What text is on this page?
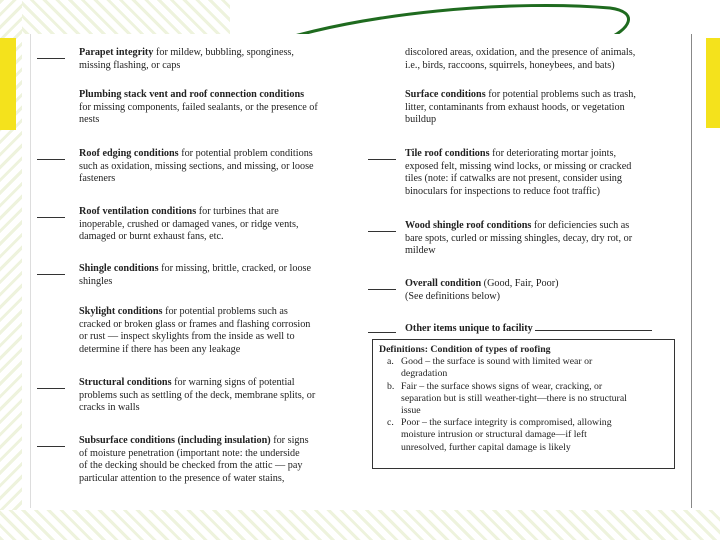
Parapet integrity for mildew, bubbling, sponginess,
missing flashing, or caps
Plumbing stack vent and roof connection conditions
for missing components, failed sealants, or the presence of
nests
Roof edging conditions for potential problem conditions
such as oxidation, missing sections, and missing, or loose
fasteners
Roof ventilation conditions for turbines that are
inoperable, crushed or damaged vanes, or ridge vents,
damaged or burnt exhaust fans, etc.
Shingle conditions for missing, brittle, cracked, or loose
shingles
Skylight conditions for potential problems such as
cracked or broken glass or frames and flashing corrosion
or rust — inspect skylights from the inside as well to
determine if there has been any leakage
Structural conditions for warning signs of potential
problems such as settling of the deck, membrane splits, or
cracks in walls
Subsurface conditions (including insulation) for signs
of moisture penetration (important note: the underside
of the decking should be checked from the attic — pay
particular attention to the presence of water stains,
discolored areas, oxidation, and the presence of animals,
i.e., birds, raccoons, squirrels, honeybees, and bats)
Surface conditions for potential problems such as trash,
litter, contaminants from exhaust hoods, or vegetation
buildup
Tile roof conditions for deteriorating mortar joints,
exposed felt, missing wind locks, or missing or cracked
tiles (note: if catwalks are not present, consider using
binoculars for inspections to reduce foot traffic)
Wood shingle roof conditions for deficiencies such as
bare spots, curled or missing shingles, decay, dry rot, or
mildew
Overall condition (Good, Fair, Poor)
(See definitions below)
Other items unique to facility
Definitions: Condition of types of roofing
a. Good – the surface is sound with limited wear or
degradation
b. Fair – the surface shows signs of wear, cracking, or
separation but is still weather-tight—there is no structural
issue
c. Poor – the surface integrity is compromised, allowing
moisture intrusion or structural damage—if left
unresolved, further capital damage is likely
